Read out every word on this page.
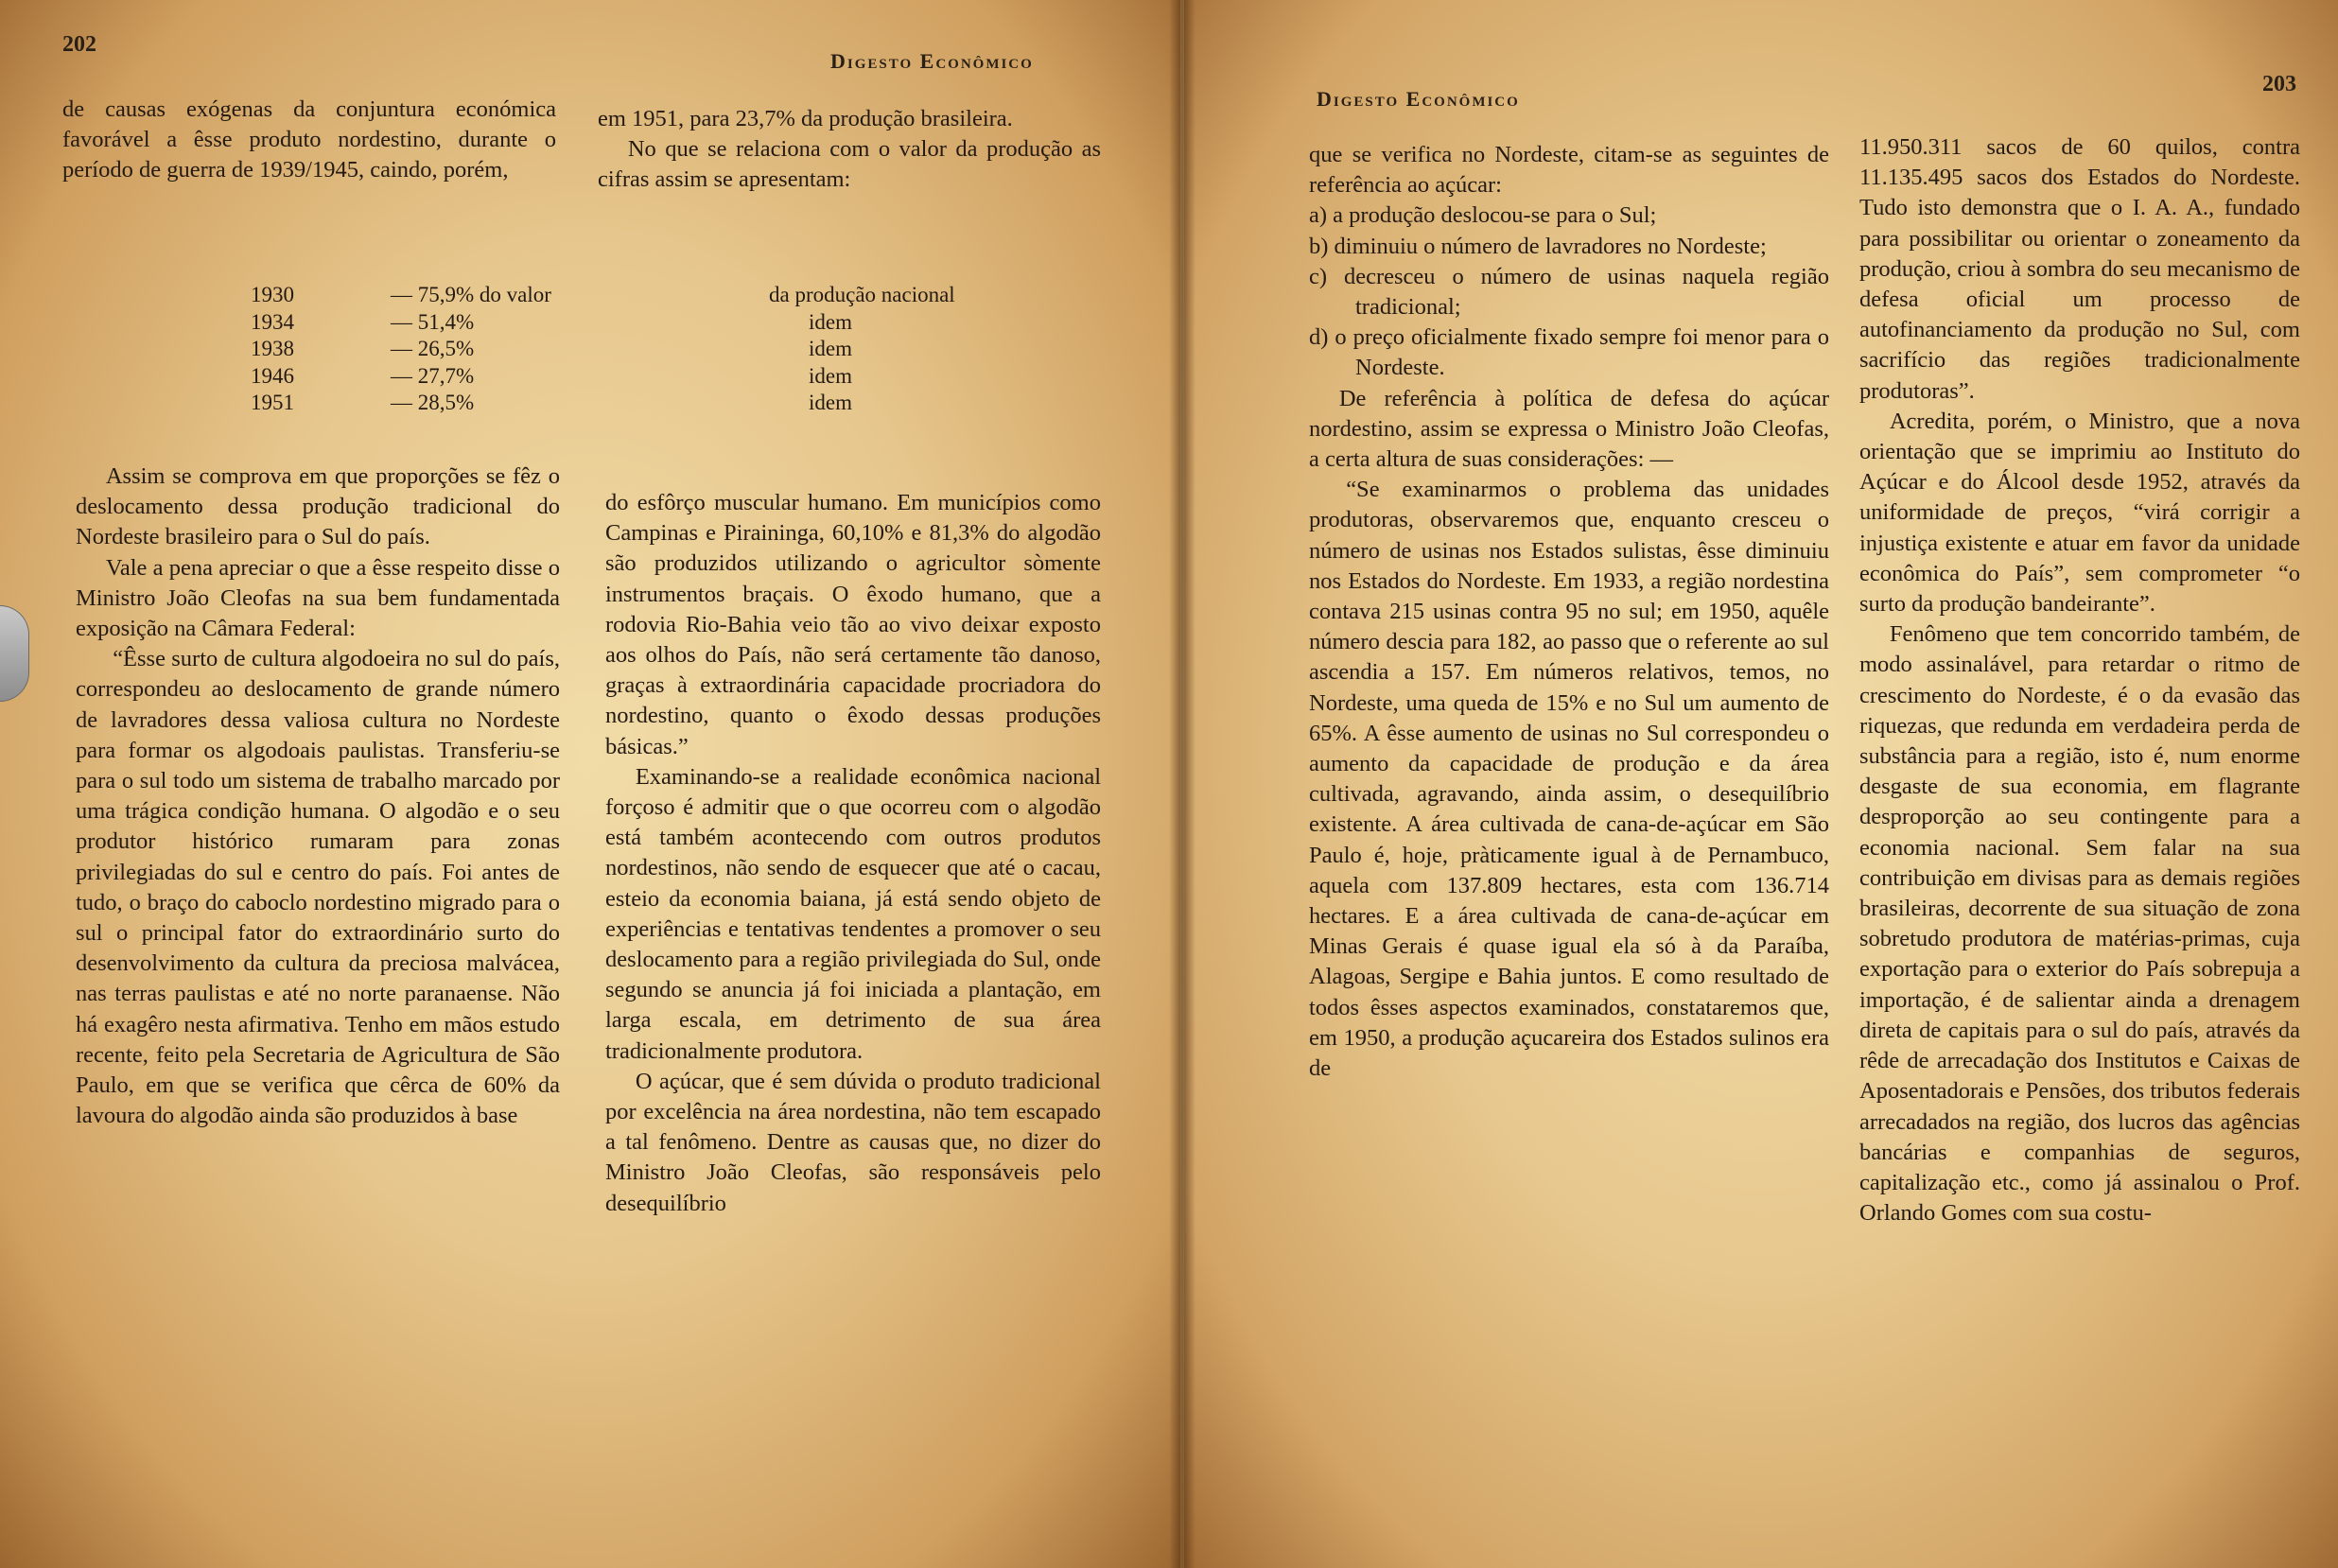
202
Digesto Econômico

de causas exógenas da conjuntura económica favorável a êsse produto nordestino, durante o período de guerra de 1939/1945, caindo, porém,

em 1951, para 23,7% da produção brasileira.

No que se relaciona com o valor da produção as cifras assim se apresentam:

1930	— 75,9% do valor	da produção nacional
1934	— 51,4%	idem
1938	— 26,5%	idem
1946	— 27,7%	idem
1951	— 28,5%	idem

Assim se comprova em que proporções se fêz o deslocamento dessa produção tradicional do Nordeste brasileiro para o Sul do país.

Vale a pena apreciar o que a êsse respeito disse o Ministro João Cleofas na sua bem fundamentada exposição na Câmara Federal:

“Êsse surto de cultura algodoeira no sul do país, correspondeu ao deslocamento de grande número de lavradores dessa valiosa cultura no Nordeste para formar os algodoais paulistas. Transferiu-se para o sul todo um sistema de trabalho marcado por uma trágica condição humana. O algodão e o seu produtor histórico rumaram para zonas privilegiadas do sul e centro do país. Foi antes de tudo, o braço do caboclo nordestino migrado para o sul o principal fator do extraordinário surto do desenvolvimento da cultura da preciosa malvácea, nas terras paulistas e até no norte paranaense. Não há exagêro nesta afirmativa. Tenho em mãos estudo recente, feito pela Secretaria de Agricultura de São Paulo, em que se verifica que cêrca de 60% da lavoura do algodão ainda são produzidos à base

do esfôrço muscular humano. Em municípios como Campinas e Piraininga, 60,10% e 81,3% do algodão são produzidos utilizando o agricultor sòmente instrumentos braçais. O êxodo humano, que a rodovia Rio-Bahia veio tão ao vivo deixar exposto aos olhos do País, não será certamente tão danoso, graças à extraordinária capacidade procriadora do nordestino, quanto o êxodo dessas produções básicas.”

Examinando-se a realidade econômica nacional forçoso é admitir que o que ocorreu com o algodão está também acontecendo com outros produtos nordestinos, não sendo de esquecer que até o cacau, esteio da economia baiana, já está sendo objeto de experiências e tentativas tendentes a promover o seu deslocamento para a região privilegiada do Sul, onde segundo se anuncia já foi iniciada a plantação, em larga escala, em detrimento de sua área tradicionalmente produtora.

O açúcar, que é sem dúvida o produto tradicional por excelência na área nordestina, não tem escapado a tal fenômeno. Dentre as causas que, no dizer do Ministro João Cleofas, são responsáveis pelo desequilíbrio

Digesto Econômico
203

que se verifica no Nordeste, citam-se as seguintes de referência ao açúcar:

a) a produção deslocou-se para o Sul;
b) diminuiu o número de lavradores no Nordeste;
c) decresceu o número de usinas naquela região tradicional;
d) o preço oficialmente fixado sempre foi menor para o Nordeste.

De referência à política de defesa do açúcar nordestino, assim se expressa o Ministro João Cleofas, a certa altura de suas considerações: —

“Se examinarmos o problema das unidades produtoras, observaremos que, enquanto cresceu o número de usinas nos Estados sulistas, êsse diminuiu nos Estados do Nordeste. Em 1933, a região nordestina contava 215 usinas contra 95 no sul; em 1950, aquêle número descia para 182, ao passo que o referente ao sul ascendia a 157. Em números relativos, temos, no Nordeste, uma queda de 15% e no Sul um aumento de 65%. A êsse aumento de usinas no Sul correspondeu o aumento da capacidade de produção e da área cultivada, agravando, ainda assim, o desequilíbrio existente. A área cultivada de cana-de-açúcar em São Paulo é, hoje, pràticamente igual à de Pernambuco, aquela com 137.809 hectares, esta com 136.714 hectares. E a área cultivada de cana-de-açúcar em Minas Gerais é quase igual ela só à da Paraíba, Alagoas, Sergipe e Bahia juntos. E como resultado de todos êsses aspectos examinados, constataremos que, em 1950, a produção açucareira dos Estados sulinos era de

11.950.311 sacos de 60 quilos, contra 11.135.495 sacos dos Estados do Nordeste. Tudo isto demonstra que o I. A. A., fundado para possibilitar ou orientar o zoneamento da produção, criou à sombra do seu mecanismo de defesa oficial um processo de autofinanciamento da produção no Sul, com sacrifício das regiões tradicionalmente produtoras”.

Acredita, porém, o Ministro, que a nova orientação que se imprimiu ao Instituto do Açúcar e do Álcool desde 1952, através da uniformidade de preços, “virá corrigir a injustiça existente e atuar em favor da unidade econômica do País”, sem comprometer “o surto da produção bandeirante”.

Fenômeno que tem concorrido também, de modo assinalável, para retardar o ritmo de crescimento do Nordeste, é o da evasão das riquezas, que redunda em verdadeira perda de substância para a região, isto é, num enorme desgaste de sua economia, em flagrante desproporção ao seu contingente para a economia nacional. Sem falar na sua contribuição em divisas para as demais regiões brasileiras, decorrente de sua situação de zona sobretudo produtora de matérias-primas, cuja exportação para o exterior do País sobrepuja a importação, é de salientar ainda a drenagem direta de capitais para o sul do país, através da rêde de arrecadação dos Institutos e Caixas de Aposentadorais e Pensões, dos tributos federais arrecadados na região, dos lucros das agências bancárias e companhias de seguros, capitalização etc., como já assinalou o Prof. Orlando Gomes com sua costu-
